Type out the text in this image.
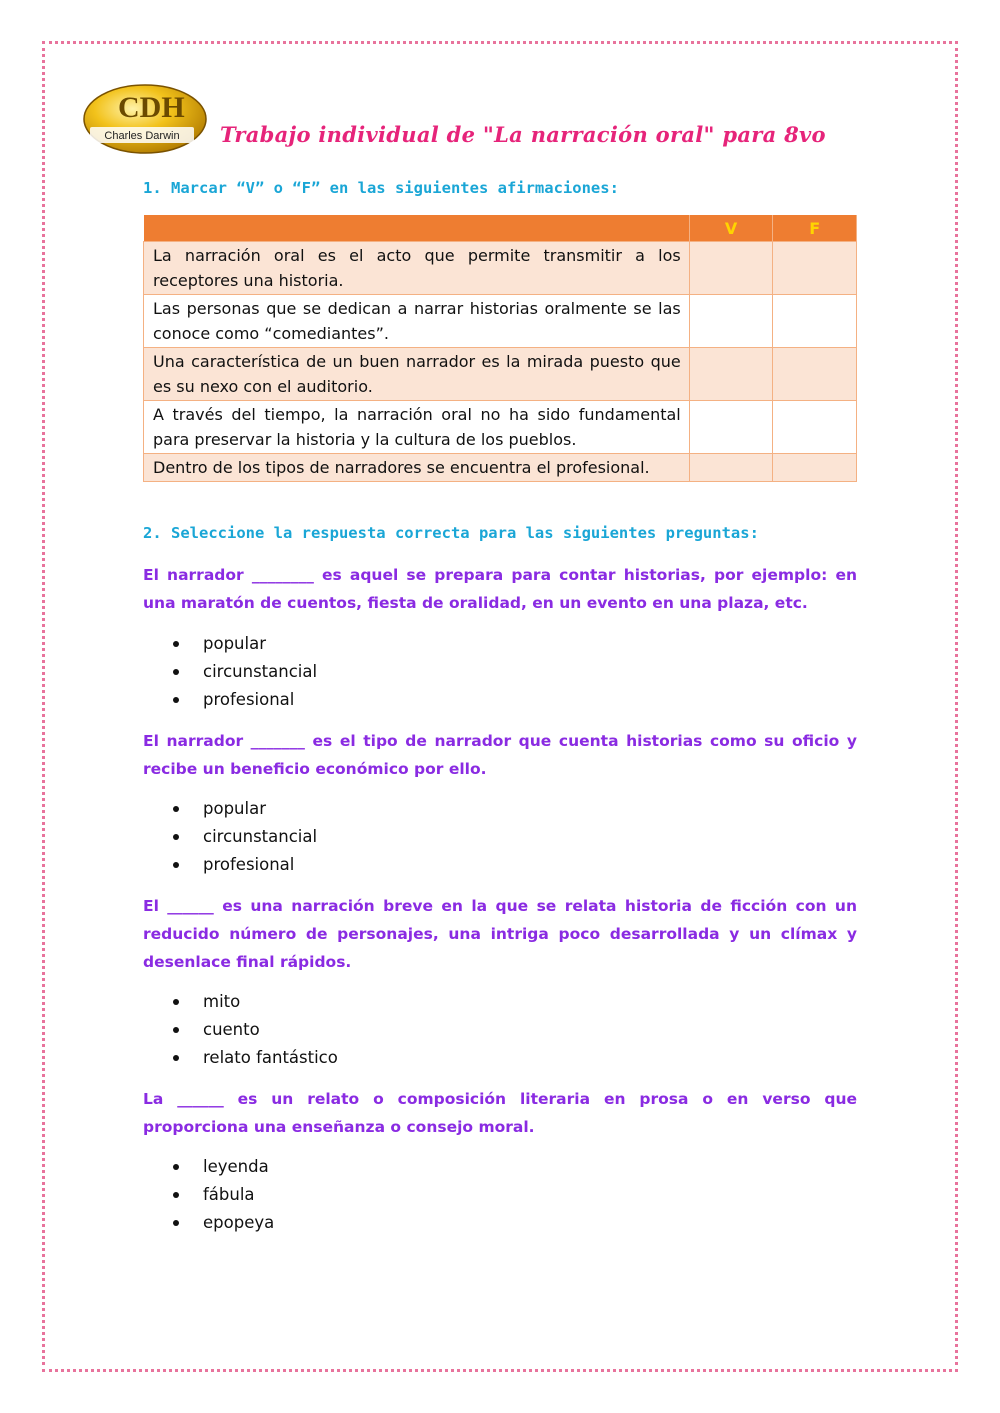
CDH
Charles Darwin Trabajo individual de "La narración oral" para 8vo
1. Marcar “V” o “F” en las siguientes afirmaciones:
	V	F
La narración oral es el acto que permite transmitir a los receptores una historia.		
Las personas que se dedican a narrar historias oralmente se las conoce como “comediantes”.		
Una característica de un buen narrador es la mirada puesto que es su nexo con el auditorio.		
A través del tiempo, la narración oral no ha sido fundamental para preservar la historia y la cultura de los pueblos.		
Dentro de los tipos de narradores se encuentra el profesional.		
2. Seleccione la respuesta correcta para las siguientes preguntas:
El narrador ________ es aquel se prepara para contar historias, por ejemplo: en una maratón de cuentos, fiesta de oralidad, en un evento en una plaza, etc.
popular
circunstancial
profesional
El narrador _______ es el tipo de narrador que cuenta historias como su oficio y recibe un beneficio económico por ello.
popular
circunstancial
profesional
El ______ es una narración breve en la que se relata historia de ficción con un reducido número de personajes, una intriga poco desarrollada y un clímax y desenlace final rápidos.
mito
cuento
relato fantástico
La ______ es un relato o composición literaria en prosa o en verso que proporciona una enseñanza o consejo moral.
leyenda
fábula
epopeya
